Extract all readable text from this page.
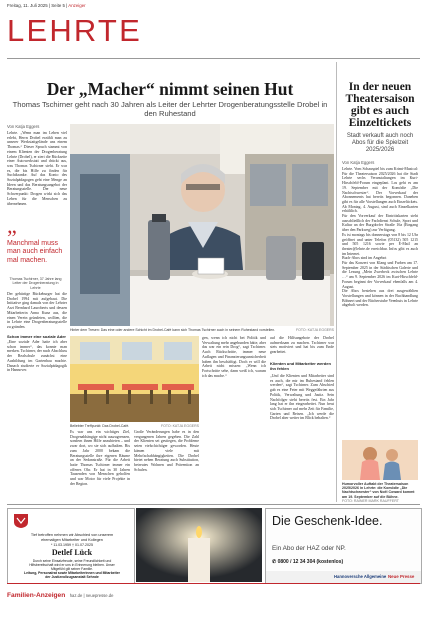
Freitag, 11. Juli 2025 | Seite 5 | Anzeiger
LEHRTE
Der „Macher“ nimmt seinen Hut
Thomas Tschirner geht nach 30 Jahren als Leiter der Lehrter Drogenberatungsstelle Drobel in den Ruhestand
Von Katja Eggers
Lehrte. „Wenn man im Leben viel erlebt, Herrn Drobel erzählt man zu unserer Werkstattgelände uns einem Thomas.“ Dieser Spruch stammt von einem Klienten der Drogenberatung Lehrte (Drobel), er ziert die Rückseite einer Autowerkstatt und drückt aus, was Thomas Tschirner sieht. Er war es, die bis Hilfe zu finden für Suchtkranke. Auf das Konto des Sozialpädagogen geht eine Menge an Ideen und das Beratungsangebot der Beratungsstelle. Der neue Schwerpunkt: Drogen wirkt sich das Leben für die Menschen zu übernehmen.
”
Manchmal muss man auch einfach mal machen.
Thomas Tschirner, 37 Jahre lang Leiter der Drogenberatung in Lehrte
Der gebürtige Bückeburger hat die Drobel 1994 mit aufgebaut. Die Initiative ging damals von der Lehrter Arzt Bernhard Lauroberts und dessen Mitarbeiterin Anna Kunz aus, die einen Verein gründeten, wollten, die in Lehrte eine Drogenberatungsstelle zu gründen.
Schon immer eine soziale Ader
„Eine soziale Ader hatte ich aber schon immer“, das konnte man merken. Tschirner, der nach Abschluss der Realschule zunächst eine Ausbildung im Gartenbau machte. Danach studierte er Sozialpädagogik in Hannover.
Hinter dem Tresen: Das eine oder andere Schicht im Drobel-Café kann sich Thomas Tschirner auch in seinem Ruhestand vorstellen.	FOTO: KATJA EGGERS
Beliebter Treffpunkt: Das Drobel-Café.	FOTO: KATJA EGGERS
Es war uns ein wichtiges Ziel, Drogenabhängige nicht auszugrenzen, sondern ihnen Hilfe anzubieten – und zwar dort, wo sie sich aufhalten. Bis zum Jahr 2000 bekam die Beratungsstelle ihre eigenen Räume an der Sedanstraße. Für die Arbeit hatte Thomas Tschirner immer ein offenes Ohr. Er hat in 30 Jahren Tausenden von Menschen geholfen und war Motor für viele Projekte in der Region.
Große Veränderungen habe es in den vergangenen Jahren gegeben. Die Zahl der Klienten sei gestiegen, die Probleme seien vielschichtiger geworden. Heute kämen viele mit Mehrfachabhängigkeiten. Die Drobel bietet neben Beratung auch Substitution, betreutes Wohnen und Prävention an Schulen.
gen, wenn ich nicht bei Politik und Verwaltung mehr angebunden hätte, aber das war ein rein Drog“, sagt Tschirner. Auch Rückschritte, immer neue Auflagen und Finanzierungsunsicherheit haben ihn beschäftigt. Doch er will die Arbeit nicht missen: „Wenn ich Fortschritte sehe, dann weiß ich, warum ich das mache.“
auf die Hilfsangebote der Drobel aufmerksam zu machen. Tschirner war stets motiviert und hat bis zum Ende gearbeitet.
Klienten und Mitarbeiter werden ihn fehlen
„Und die Klienten und Mitarbeiter sind es auch, die mir im Ruhestand fehlen werden“, sagt Tschirner. Zum Abschied gab es eine Feier mit Weggefährten aus Politik, Verwaltung und Justiz. Sein Nachfolger steht bereits fest. Ein Jahr lang hat er ihn eingearbeitet. Nun freut sich Tschirner auf mehr Zeit für Familie, Garten und Reisen. „Ich werde die Drobel aber weiter im Blick behalten.“
In der neuen Theatersaison gibt es auch Einzeltickets
Stadt verkauft auch noch Abos für die Spielzeit 2025/2026
Von Katja Eggers
Lehrte. Vom Schauspiel bis zum Krimi-Musical: Für die Theatersaison 2025/2026 hat die Stadt Lehrte sechs Veranstaltungen im Kurt-Hirschfeld-Forum eingeplant. Los geht es am 19. September mit der Komödie „Die Nachtschwester“. Der Vorverkauf der Abonnements hat bereits begonnen. Daneben gibt es für alle Vorstellungen auch Einzeltickets. Ab Montag, 4. August, sind auch Einzelkarten erhältlich.
Für den Vorverkauf der Eintrittskarten steht ausschließlich der Fachdienst Schule, Sport und Kultur an der Burgdorfer Straße 16a (Eingang über den Parkweg) zur Verfügung.
Es ist montags bis donnerstags von 8 bis 12 Uhr geöffnet und unter Telefon (05132) 505 1215 und 505 1216 sowie per E-Mail an theater@lehrte.de erreichbar. Infos gibt es auch im Internet.
Buch-Abos sind im Angebot
Für das Konzert von Klang und Farben am 17. September 2025 in der Städtischen Galerie und die Lesung „Mein Zwerbeck zwischen Lehrte …“ am 9. September 2026 im Kurt-Hirschfeld-Forum beginnt der Vorverkauf ebenfalls am 4. August.
Die Abos bestehen aus drei ausgewählten Vorstellungen und können in der Buchhandlung Böhnert und der Bücherstube Veenhuis in Lehrte abgeholt werden.
Humorvoller Auftakt der Theatersaison 2025/2026 in Lehrte: die Komödie „Die Nachtschwester“ von Noël Coward kommt am 19. September auf die Bühne.
FOTO: RAINER MARK RAUFFERT
Tief betroffen nehmen wir Abschied von unserem ehemaligen Mitarbeiter und Kollegen
* 11.03.1959 † 01.07.2025
Detlef Lück
Durch seine Einsatzfreude, seine Freundlichkeit und Hilfsbereitschaft wird er uns in Erinnerung bleiben. Unser Mitgefühl gilt seiner Familie.
Leitung, Personalrat sowie Mitarbeiterinnen und Mitarbeiter der Justizvollzugsanstalt Sehnde
Die Geschenk-Idee.
Ein Abo der HAZ oder NP.
✆ 0800 / 12 34 304 (kostenlos)
Hannoversche Allgemeine Neue Presse
Familien-Anzeigen haz.de | neuepresse.de
